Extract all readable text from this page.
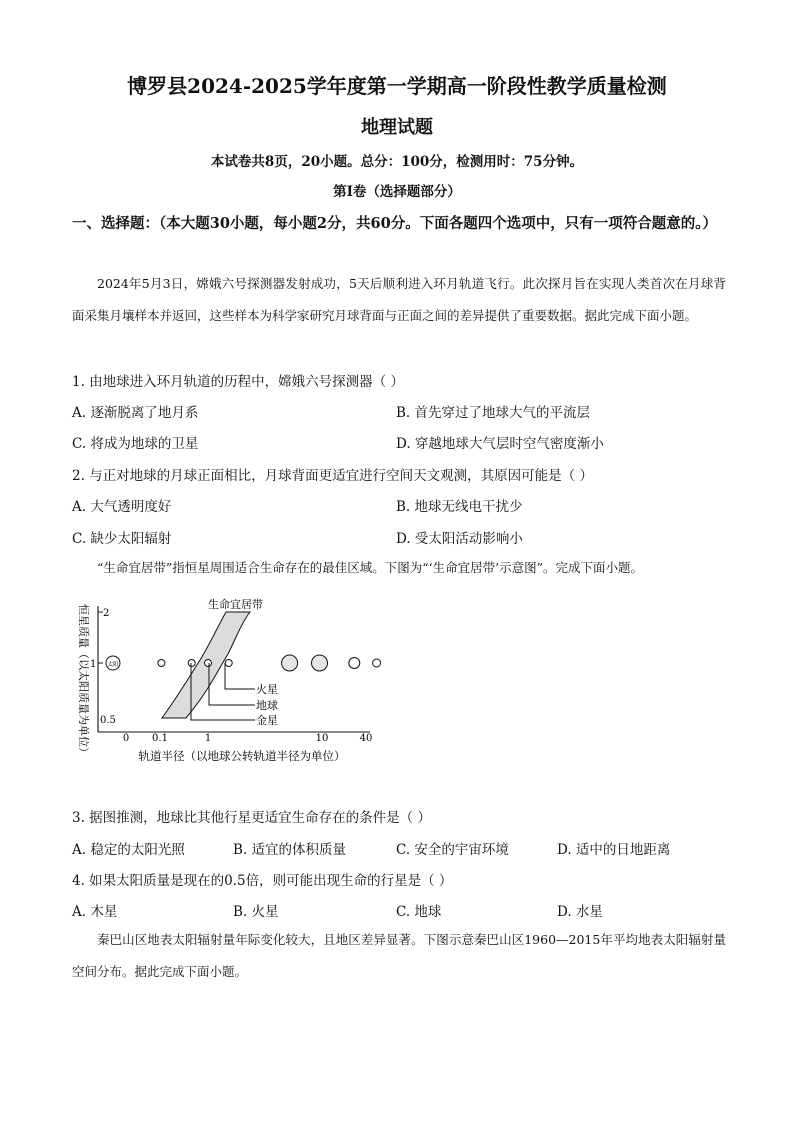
博罗县2024-2025学年度第一学期高一阶段性教学质量检测
地理试题
本试卷共8页，20小题。总分：100分，检测用时：75分钟。
第Ⅰ卷（选择题部分）
一、选择题：（本大题30小题，每小题2分，共60分。下面各题四个选项中，只有一项符合题意的。）
2024年5月3日，嫦娥六号探测器发射成功，5天后顺利进入环月轨道飞行。此次探月旨在实现人类首次在月球背面采集月壤样本并返回，这些样本为科学家研究月球背面与正面之间的差异提供了重要数据。据此完成下面小题。
1. 由地球进入环月轨道的历程中，嫦娥六号探测器（ ）
A. 逐渐脱离了地月系	B. 首先穿过了地球大气的平流层
C. 将成为地球的卫星	D. 穿越地球大气层时空气密度渐小
2. 与正对地球的月球正面相比，月球背面更适宜进行空间天文观测，其原因可能是（ ）
A. 大气透明度好	B. 地球无线电干扰少
C. 缺少太阳辐射	D. 受太阳活动影响小
“生命宜居带”指恒星周围适合生命存在的最佳区域。下图为“‘生命宜居带’示意图”。完成下面小题。
恒星质量（以太阳质量为单位） 2
1
0.5
生命宜居带
太阳
火星
地球
金星
0 0.1	1	10	40
轨道半径（以地球公转轨道半径为单位）
3. 据图推测，地球比其他行星更适宜生命存在的条件是（ ）
A. 稳定的太阳光照	B. 适宜的体积质量	C. 安全的宇宙环境	D. 适中的日地距离
4. 如果太阳质量是现在的0.5倍，则可能出现生命的行星是（ ）
A. 木星	B. 火星	C. 地球	D. 水星
秦巴山区地表太阳辐射量年际变化较大，且地区差异显著。下图示意秦巴山区1960—2015年平均地表太阳辐射量空间分布。据此完成下面小题。
